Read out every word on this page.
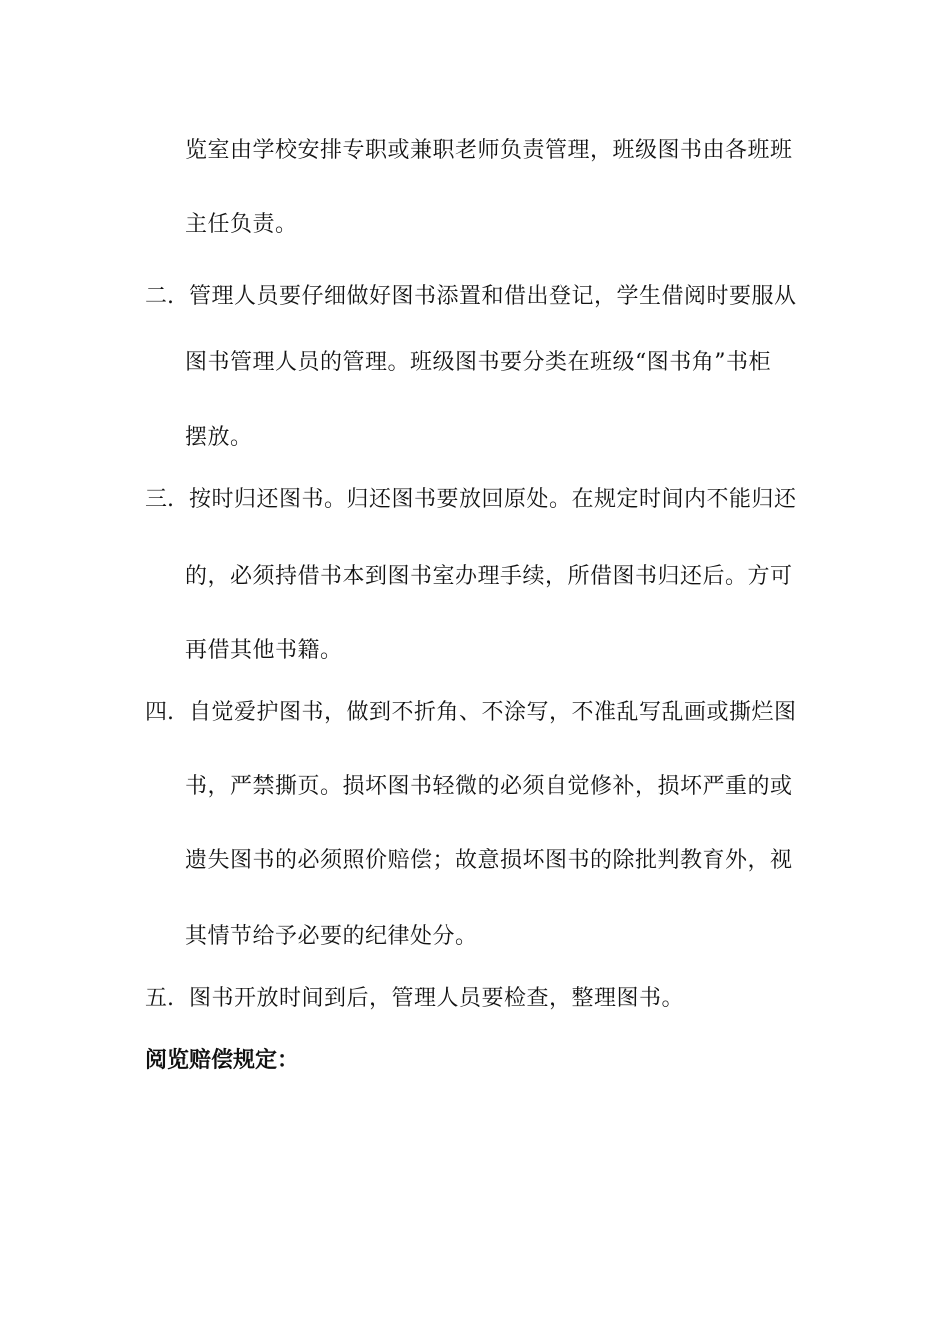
览室由学校安排专职或兼职老师负责管理，班级图书由各班班
主任负责。
二. 管理人员要仔细做好图书添置和借出登记，学生借阅时要服从
图书管理人员的管理。班级图书要分类在班级“图书角”书柜
摆放。
三. 按时归还图书。归还图书要放回原处。在规定时间内不能归还
的，必须持借书本到图书室办理手续，所借图书归还后。方可
再借其他书籍。
四. 自觉爱护图书，做到不折角、不涂写，不准乱写乱画或撕烂图
书，严禁撕页。损坏图书轻微的必须自觉修补，损坏严重的或
遗失图书的必须照价赔偿；故意损坏图书的除批判教育外，视
其情节给予必要的纪律处分。
五. 图书开放时间到后，管理人员要检查，整理图书。
阅览赔偿规定：
